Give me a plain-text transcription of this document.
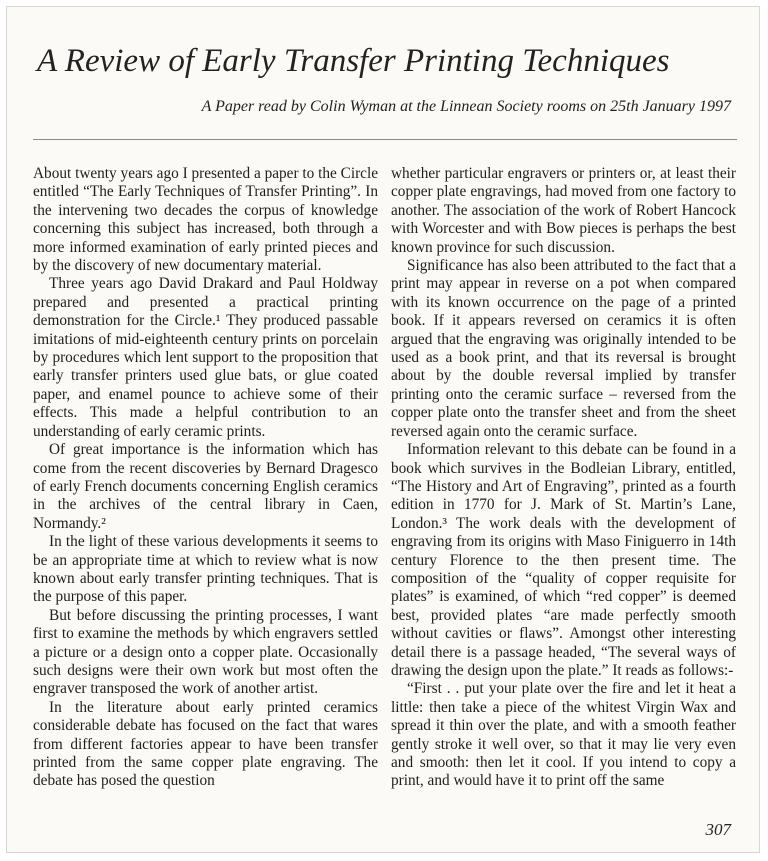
A Review of Early Transfer Printing Techniques

A Paper read by Colin Wyman at the Linnean Society rooms on 25th January 1997

About twenty years ago I presented a paper to the Circle entitled “The Early Techniques of Transfer Printing”. In the intervening two decades the corpus of knowledge concerning this subject has increased, both through a more informed examination of early printed pieces and by the discovery of new documentary material.

Three years ago David Drakard and Paul Holdway prepared and presented a practical printing demonstration for the Circle.¹ They produced passable imitations of mid-eighteenth century prints on porcelain by procedures which lent support to the proposition that early transfer printers used glue bats, or glue coated paper, and enamel pounce to achieve some of their effects. This made a helpful contribution to an understanding of early ceramic prints.

Of great importance is the information which has come from the recent discoveries by Bernard Dragesco of early French documents concerning English ceramics in the archives of the central library in Caen, Normandy.²

In the light of these various developments it seems to be an appropriate time at which to review what is now known about early transfer printing techniques. That is the purpose of this paper.

But before discussing the printing processes, I want first to examine the methods by which engravers settled a picture or a design onto a copper plate. Occasionally such designs were their own work but most often the engraver transposed the work of another artist.

In the literature about early printed ceramics considerable debate has focused on the fact that wares from different factories appear to have been transfer printed from the same copper plate engraving. The debate has posed the question

whether particular engravers or printers or, at least their copper plate engravings, had moved from one factory to another. The association of the work of Robert Hancock with Worcester and with Bow pieces is perhaps the best known province for such discussion.

Significance has also been attributed to the fact that a print may appear in reverse on a pot when compared with its known occurrence on the page of a printed book. If it appears reversed on ceramics it is often argued that the engraving was originally intended to be used as a book print, and that its reversal is brought about by the double reversal implied by transfer printing onto the ceramic surface – reversed from the copper plate onto the transfer sheet and from the sheet reversed again onto the ceramic surface.

Information relevant to this debate can be found in a book which survives in the Bodleian Library, entitled, “The History and Art of Engraving”, printed as a fourth edition in 1770 for J. Mark of St. Martin’s Lane, London.³ The work deals with the development of engraving from its origins with Maso Finiguerro in 14th century Florence to the then present time. The composition of the “quality of copper requisite for plates” is examined, of which “red copper” is deemed best, provided plates “are made perfectly smooth without cavities or flaws”. Amongst other interesting detail there is a passage headed, “The several ways of drawing the design upon the plate.” It reads as follows:-

“First . . put your plate over the fire and let it heat a little: then take a piece of the whitest Virgin Wax and spread it thin over the plate, and with a smooth feather gently stroke it well over, so that it may lie very even and smooth: then let it cool. If you intend to copy a print, and would have it to print off the same

307
